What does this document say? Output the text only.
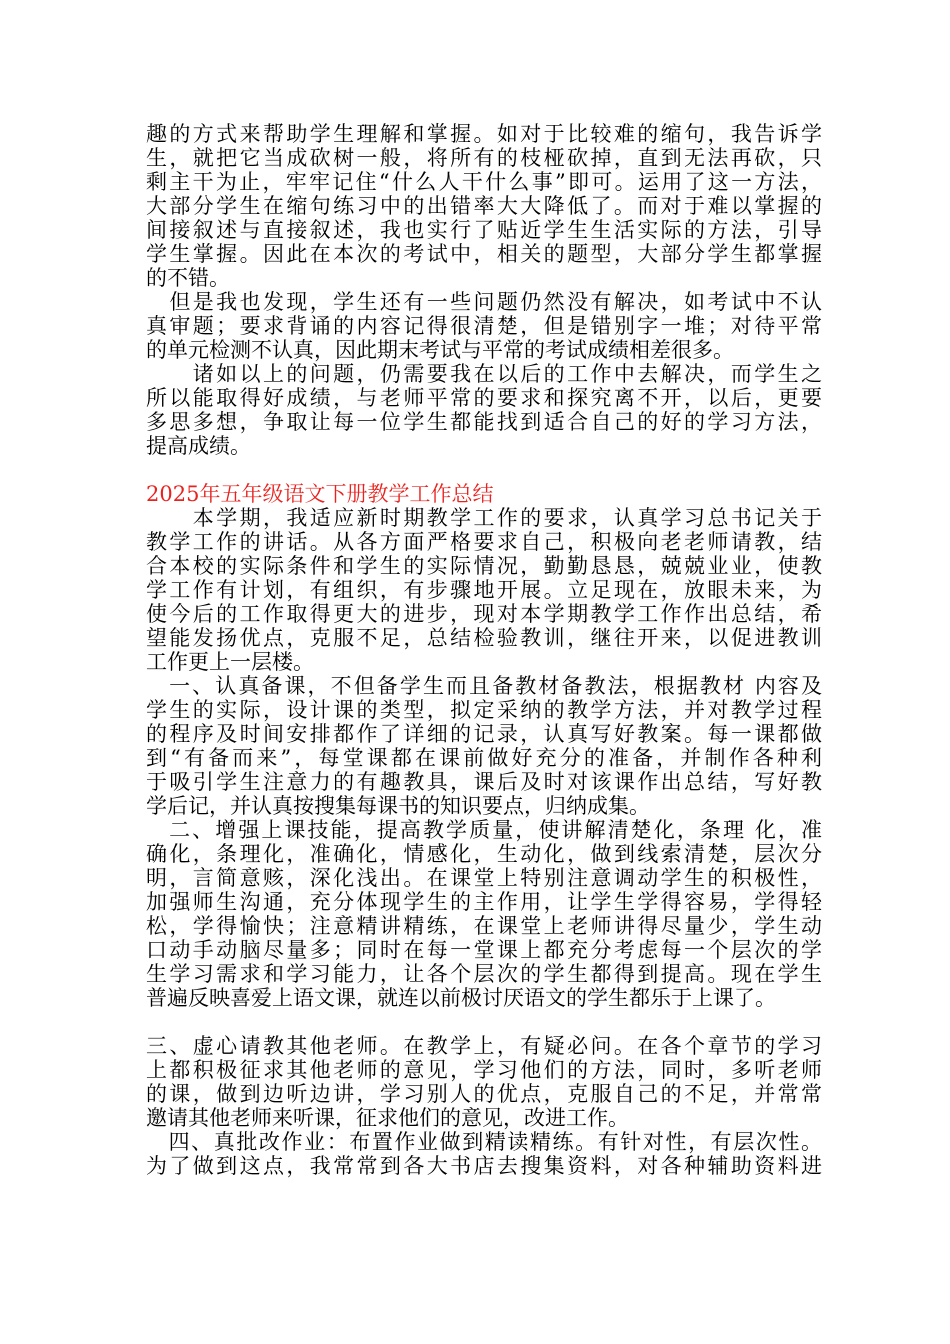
趣的方式来帮助学生理解和掌握。如对于比较难的缩句，我告诉学
生，就把它当成砍树一般，将所有的枝桠砍掉，直到无法再砍，只
剩主干为止，牢牢记住“什么人干什么事”即可。运用了这一方法，
大部分学生在缩句练习中的出错率大大降低了。而对于难以掌握的
间接叙述与直接叙述，我也实行了贴近学生生活实际的方法，引导
学生掌握。因此在本次的考试中，相关的题型，大部分学生都掌握
的不错。
　但是我也发现，学生还有一些问题仍然没有解决，如考试中不认
真审题；要求背诵的内容记得很清楚，但是错别字一堆；对待平常
的单元检测不认真，因此期末考试与平常的考试成绩相差很多。
　　诸如以上的问题，仍需要我在以后的工作中去解决，而学生之
所以能取得好成绩，与老师平常的要求和探究离不开，以后，更要
多思多想，争取让每一位学生都能找到适合自己的好的学习方法，
提高成绩。
2025年五年级语文下册教学工作总结
　　本学期，我适应新时期教学工作的要求，认真学习总书记关于
教学工作的讲话。从各方面严格要求自己，积极向老老师请教，结
合本校的实际条件和学生的实际情况，勤勤恳恳，兢兢业业，使教
学工作有计划，有组织，有步骤地开展。立足现在，放眼未来，为
使今后的工作取得更大的进步，现对本学期教学工作作出总结，希
望能发扬优点，克服不足，总结检验教训，继往开来，以促进教训
工作更上一层楼。
　一、认真备课，不但备学生而且备教材备教法，根据教材 内容及
学生的实际，设计课的类型，拟定采纳的教学方法，并对教学过程
的程序及时间安排都作了详细的记录，认真写好教案。每一课都做
到“有备而来”，每堂课都在课前做好充分的准备，并制作各种利
于吸引学生注意力的有趣教具，课后及时对该课作出总结，写好教
学后记，并认真按搜集每课书的知识要点，归纳成集。
　二、增强上课技能，提高教学质量，使讲解清楚化，条理 化，准
确化，条理化，准确化，情感化，生动化，做到线索清楚，层次分
明，言简意赅，深化浅出。在课堂上特别注意调动学生的积极性，
加强师生沟通，充分体现学生的主作用，让学生学得容易，学得轻
松，学得愉快；注意精讲精练，在课堂上老师讲得尽量少，学生动
口动手动脑尽量多；同时在每一堂课上都充分考虑每一个层次的学
生学习需求和学习能力，让各个层次的学生都得到提高。现在学生
普遍反映喜爱上语文课，就连以前极讨厌语文的学生都乐于上课了。
三、虚心请教其他老师。在教学上，有疑必问。在各个章节的学习
上都积极征求其他老师的意见，学习他们的方法，同时，多听老师
的课，做到边听边讲，学习别人的优点，克服自己的不足，并常常
邀请其他老师来听课，征求他们的意见，改进工作。
　四、真批改作业：布置作业做到精读精练。有针对性，有层次性。
为了做到这点，我常常到各大书店去搜集资料，对各种辅助资料进
